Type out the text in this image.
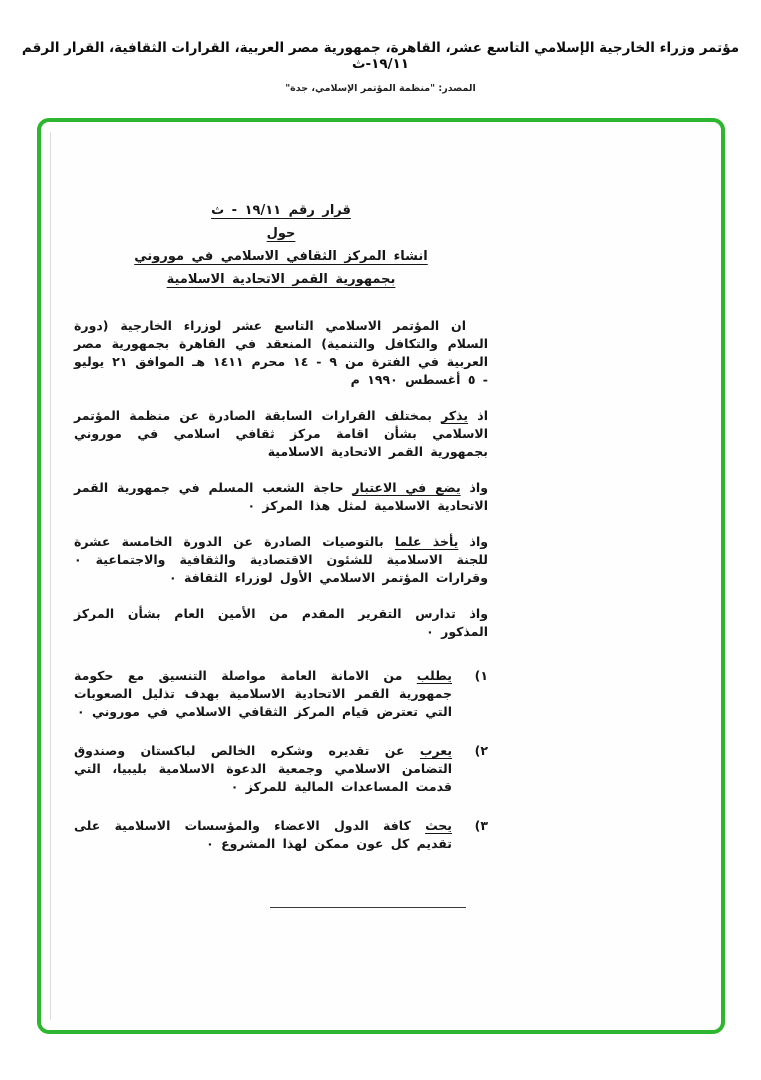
مؤتمر وزراء الخارجية الإسلامي التاسع عشر، القاهرة، جمهورية مصر العربية، القرارات الثقافية، القرار الرقم ١٩/١١-ث
المصدر: "منظمة المؤتمر الإسلامي، جدة"
قرار رقم ١٩/١١ - ث
حول
انشاء المركز الثقافي الاسلامي في موروني
بجمهورية القمر الاتحادية الاسلامية

ان المؤتمر الاسلامي التاسع عشر لوزراء الخارجية (دورة السلام والتكافل والتنمية) المنعقد في القاهرة بجمهورية مصر العربية في الفترة من ٩ - ١٤ محرم ١٤١١ هـ الموافق ٢١ يوليو - ٥ أغسطس ١٩٩٠ م

اذ يذكر بمختلف القرارات السابقة الصادرة عن منظمة المؤتمر الاسلامي بشأن اقامة مركز ثقافي اسلامي في موروني بجمهورية القمر الاتحادية الاسلامية

واذ يضع في الاعتبار حاجة الشعب المسلم في جمهورية القمر الاتحادية الاسلامية لمثل هذا المركز ٠

واذ يأخذ علما بالتوصيات الصادرة عن الدورة الخامسة عشرة للجنة الاسلامية للشئون الاقتصادية والثقافية والاجتماعية ٠ وقرارات المؤتمر الاسلامي الأول لوزراء الثقافة ٠

واذ تدارس التقرير المقدم من الأمين العام بشأن المركز المذكور ٠

١)
يطلب من الامانة العامة مواصلة التنسيق مع حكومة جمهورية القمر الاتحادية الاسلامية بهدف تذليل الصعوبات التي تعترض قيام المركز الثقافي الاسلامي في موروني ٠
٢)
يعرب عن تقديره وشكره الخالص لباكستان وصندوق التضامن الاسلامي وجمعية الدعوة الاسلامية بليبيا، التي قدمت المساعدات المالية للمركز ٠
٣)
يحث كافة الدول الاعضاء والمؤسسات الاسلامية على تقديم كل عون ممكن لهذا المشروع ٠
